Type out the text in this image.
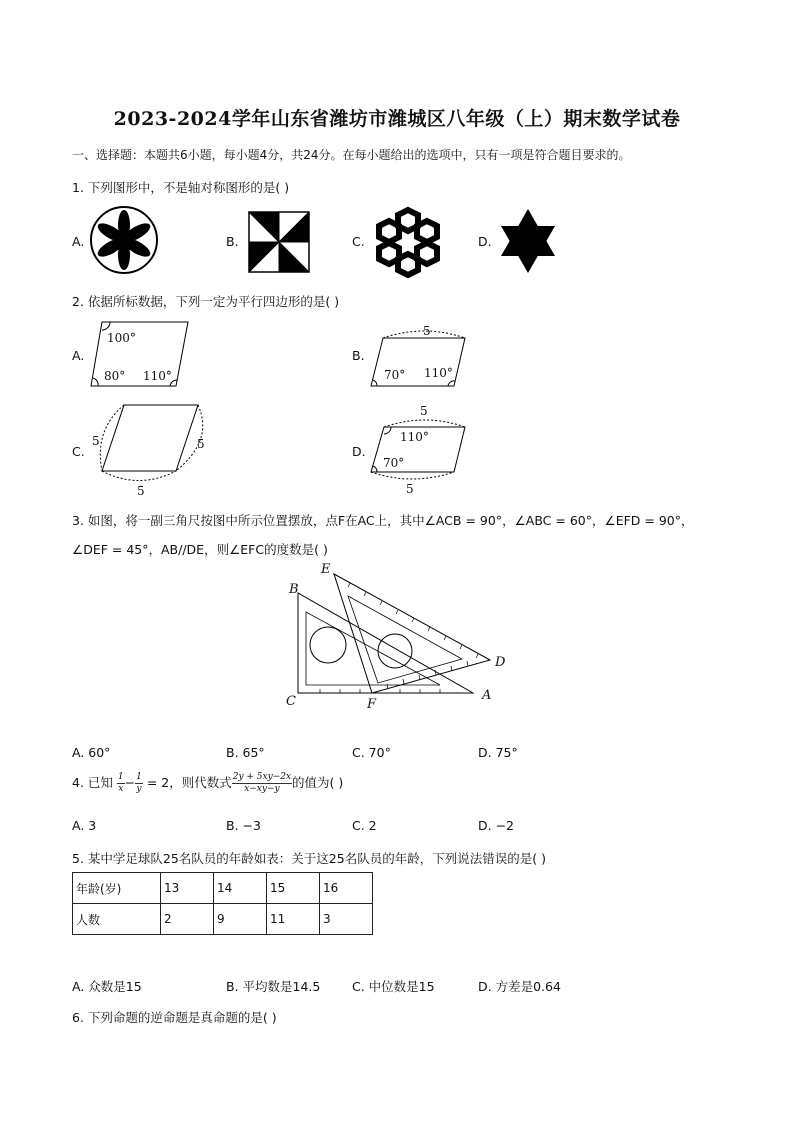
2023-2024学年山东省潍坊市潍城区八年级（上）期末数学试卷
一、选择题：本题共6小题，每小题4分，共24分。在每小题给出的选项中，只有一项是符合题目要求的。
1. 下列图形中，不是轴对称图形的是( )
A.	B.	C.	D.
2. 依据所标数据，下列一定为平行四边形的是( )
A.
100°
80° 110°
B.
5
70° 110°
C.
5	5
5
D.
5
110°
70°
5
3. 如图，将一副三角尺按图中所示位置摆放，点F在AC上，其中∠ACB = 90°，∠ABC = 60°，∠EFD = 90°，
∠DEF = 45°，AB//DE，则∠EFC的度数是( )
B
E
D
C	F
A
A. 60°	B. 65°	C. 70°	D. 75°
4. 已知 $\frac{1}{x} - \frac{1}{y} = 2$，则代数式 $\frac{2y + 5xy-2x}{x-xy-y}$ 的值为( )
A. 3	B. −3	C. 2	D. −2
5. 某中学足球队25名队员的年龄如表：关于这25名队员的年龄，下列说法错误的是( )
年龄(岁)	13	14	15	16
人数	2	9	11	3
A. 众数是15	B. 平均数是14.5	C. 中位数是15	D. 方差是0.64
6. 下列命题的逆命题是真命题的是( )
